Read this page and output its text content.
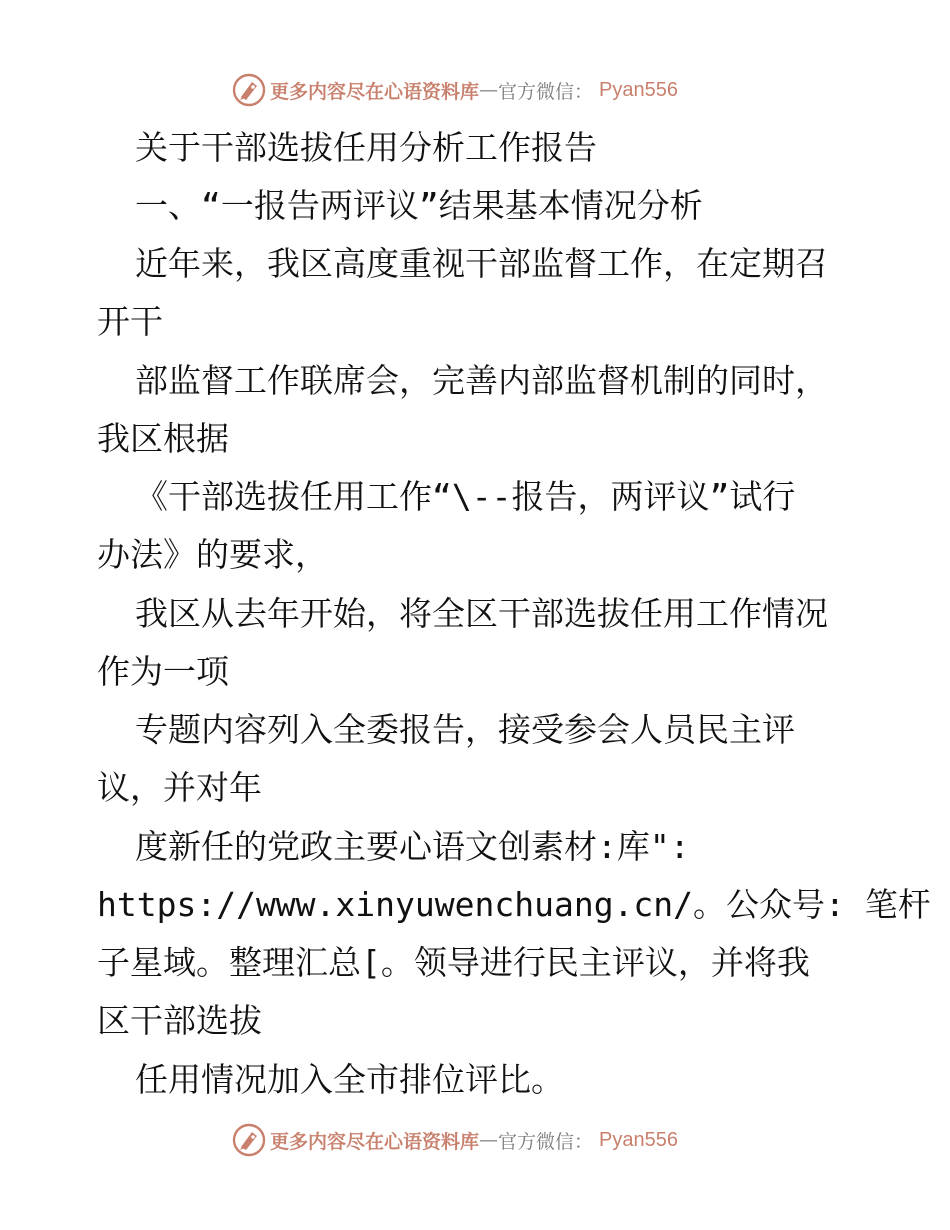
更多内容尽在心语资料库 — 官方微信 ： Pyan556
关于干部选拔任用分析工作报告
一、“一报告两评议”结果基本情况分析
近年来，我区高度重视干部监督工作，在定期召
开干
部监督工作联席会，完善内部监督机制的同时，
我区根据
《干部选拔任用工作“\--报告，两评议”试行
办法》的要求，
我区从去年开始，将全区干部选拔任用工作情况
作为一项
专题内容列入全委报告，接受参会人员民主评
议，并对年
度新任的党政主要心语文创素材:库":
https://www.xinyuwenchuang.cn/。公众号: 笔杆
子星域。整理汇总[。领导进行民主评议，并将我
区干部选拔
任用情况加入全市排位评比。
更多内容尽在心语资料库 — 官方微信 ： Pyan556
